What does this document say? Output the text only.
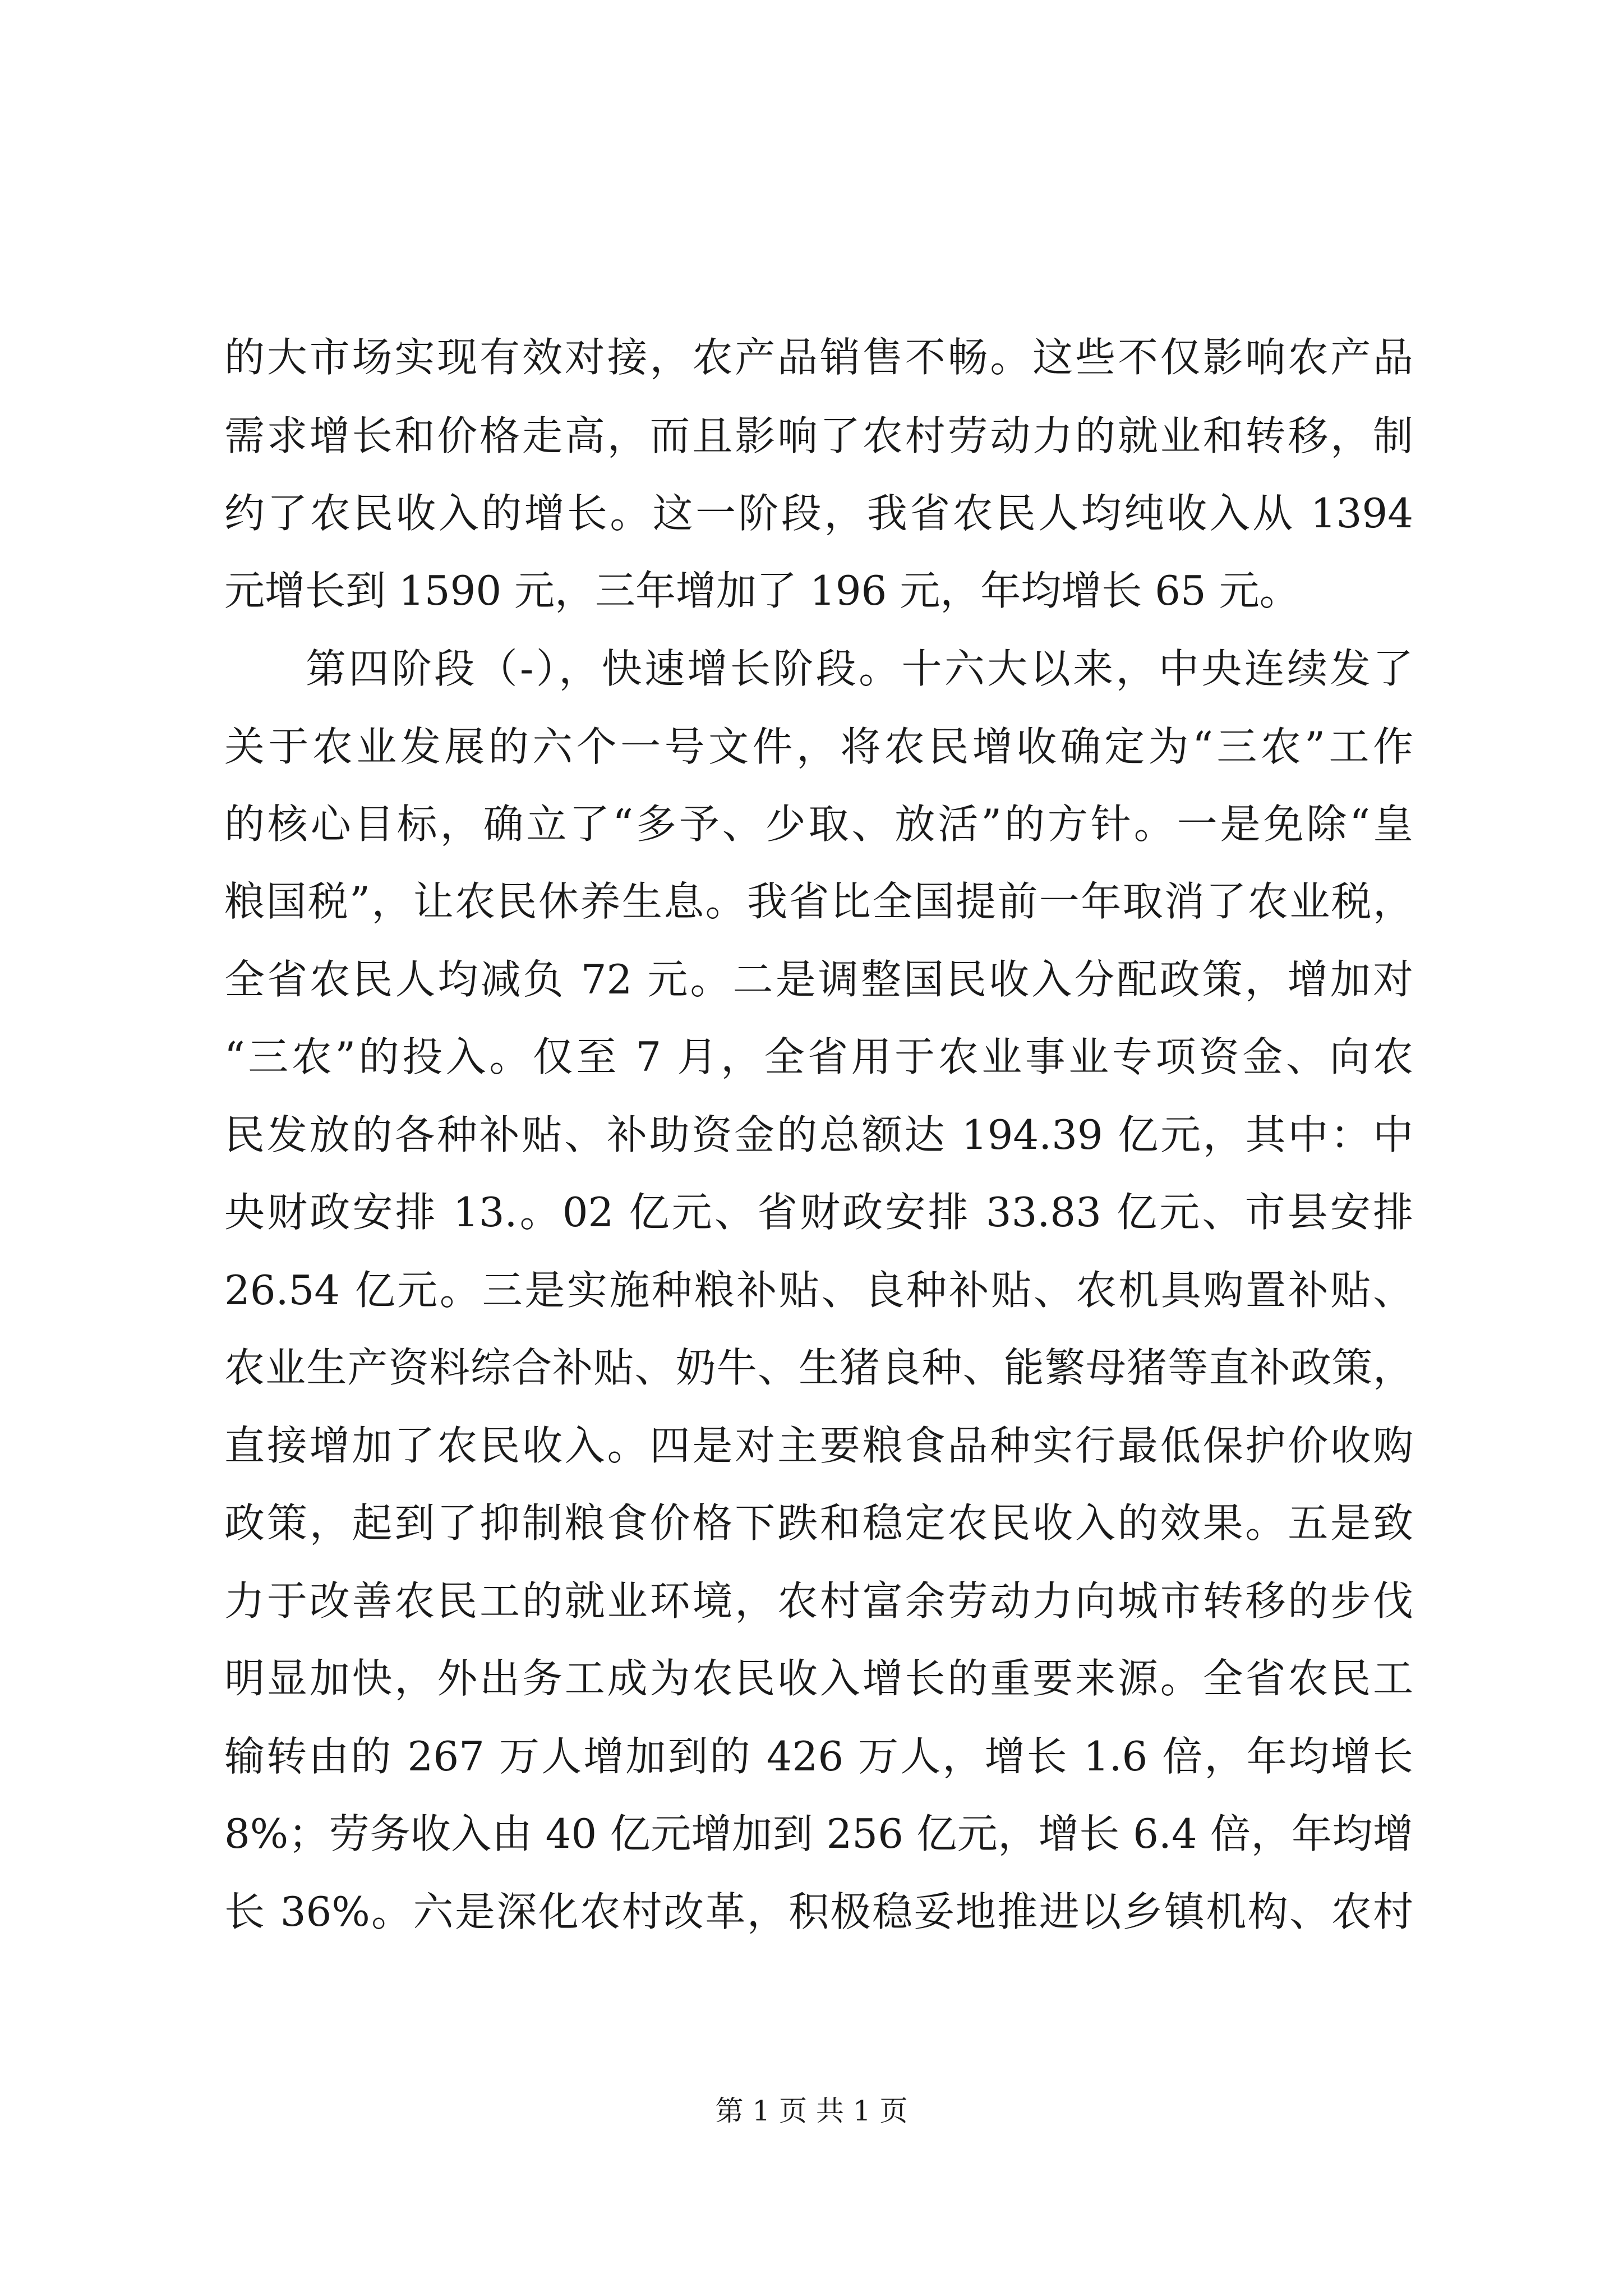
的大市场实现有效对接，农产品销售不畅。这些不仅影响农产品
需求增长和价格走高，而且影响了农村劳动力的就业和转移，制
约了农民收入的增长。这一阶段，我省农民人均纯收入从 1394
元增长到 1590 元，三年增加了 196 元，年均增长 65 元。
第四阶段（-），快速增长阶段。十六大以来，中央连续发了
关于农业发展的六个一号文件，将农民增收确定为“三农”工作
的核心目标，确立了“多予、少取、放活”的方针。一是免除“皇
粮国税”，让农民休养生息。我省比全国提前一年取消了农业税，
全省农民人均减负 72 元。二是调整国民收入分配政策，增加对
“三农”的投入。仅至 7 月，全省用于农业事业专项资金、向农
民发放的各种补贴、补助资金的总额达 194.39 亿元，其中：中
央财政安排 13.。02 亿元、省财政安排 33.83 亿元、市县安排
26.54 亿元。三是实施种粮补贴、良种补贴、农机具购置补贴、
农业生产资料综合补贴、奶牛、生猪良种、能繁母猪等直补政策，
直接增加了农民收入。四是对主要粮食品种实行最低保护价收购
政策，起到了抑制粮食价格下跌和稳定农民收入的效果。五是致
力于改善农民工的就业环境，农村富余劳动力向城市转移的步伐
明显加快，外出务工成为农民收入增长的重要来源。全省农民工
输转由的 267 万人增加到的 426 万人，增长 1.6 倍，年均增长
8%；劳务收入由 40 亿元增加到 256 亿元，增长 6.4 倍，年均增
长 36%。六是深化农村改革，积极稳妥地推进以乡镇机构、农村
第 1 页 共 1 页
